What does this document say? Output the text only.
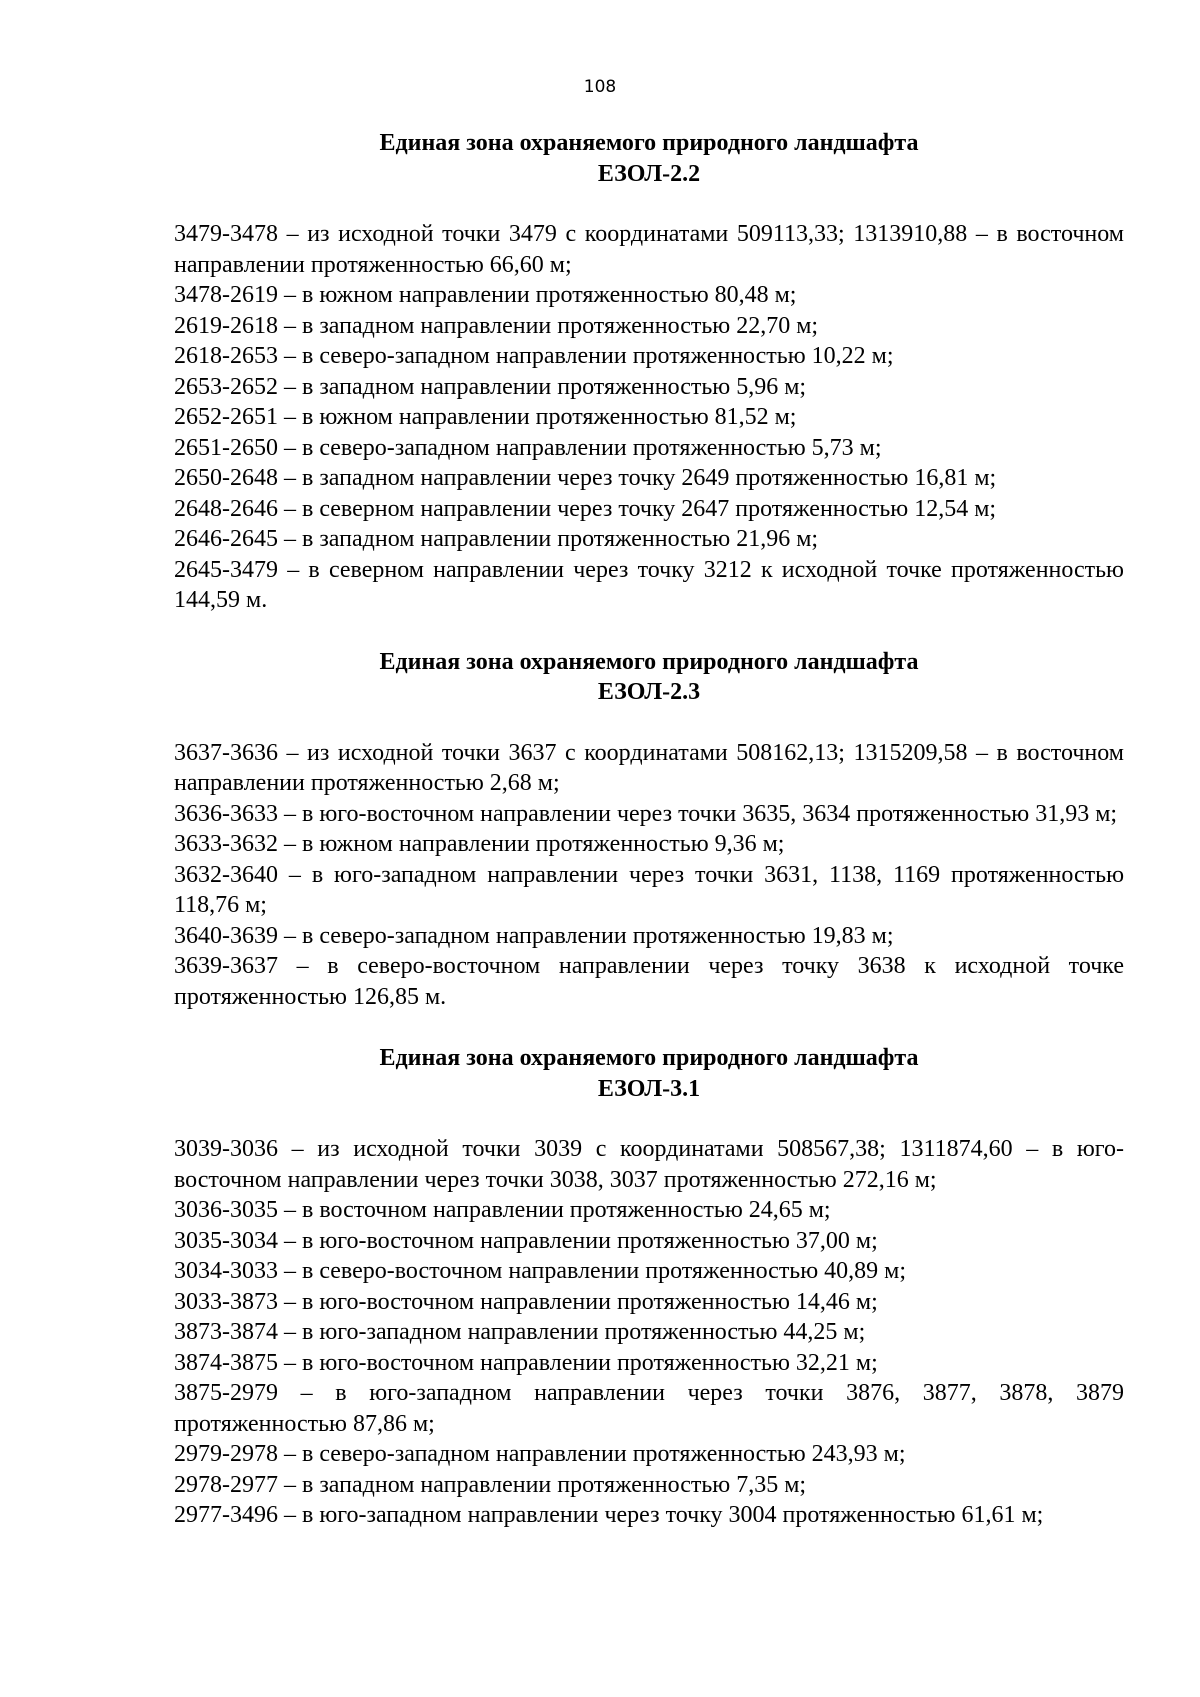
108
Единая зона охраняемого природного ландшафта
ЕЗОЛ-2.2

3479-3478 – из исходной точки 3479 с координатами 509113,33; 1313910,88 – в восточном направлении протяженностью 66,60 м;

3478-2619 – в южном направлении протяженностью 80,48 м;

2619-2618 – в западном направлении протяженностью 22,70 м;

2618-2653 – в северо-западном направлении протяженностью 10,22 м;

2653-2652 – в западном направлении протяженностью 5,96 м;

2652-2651 – в южном направлении протяженностью 81,52 м;

2651-2650 – в северо-западном направлении протяженностью 5,73 м;

2650-2648 – в западном направлении через точку 2649 протяженностью 16,81 м;

2648-2646 – в северном направлении через точку 2647 протяженностью 12,54 м;

2646-2645 – в западном направлении протяженностью 21,96 м;

2645-3479 – в северном направлении через точку 3212 к исходной точке протяженностью 144,59 м.

Единая зона охраняемого природного ландшафта
ЕЗОЛ-2.3

3637-3636 – из исходной точки 3637 с координатами 508162,13; 1315209,58 – в восточном направлении протяженностью 2,68 м;

3636-3633 – в юго-восточном направлении через точки 3635, 3634 протяженностью 31,93 м;

3633-3632 – в южном направлении протяженностью 9,36 м;

3632-3640 – в юго-западном направлении через точки 3631, 1138, 1169 протяженностью 118,76 м;

3640-3639 – в северо-западном направлении протяженностью 19,83 м;

3639-3637 – в северо-восточном направлении через точку 3638 к исходной точке протяженностью 126,85 м.

Единая зона охраняемого природного ландшафта
ЕЗОЛ-3.1

3039-3036 – из исходной точки 3039 с координатами 508567,38; 1311874,60 – в юго-восточном направлении через точки 3038, 3037 протяженностью 272,16 м;

3036-3035 – в восточном направлении протяженностью 24,65 м;

3035-3034 – в юго-восточном направлении протяженностью 37,00 м;

3034-3033 – в северо-восточном направлении протяженностью 40,89 м;

3033-3873 – в юго-восточном направлении протяженностью 14,46 м;

3873-3874 – в юго-западном направлении протяженностью 44,25 м;

3874-3875 – в юго-восточном направлении протяженностью 32,21 м;

3875-2979 – в юго-западном направлении через точки 3876, 3877, 3878, 3879 протяженностью 87,86 м;

2979-2978 – в северо-западном направлении протяженностью 243,93 м;

2978-2977 – в западном направлении протяженностью 7,35 м;

2977-3496 – в юго-западном направлении через точку 3004 протяженностью 61,61 м;
